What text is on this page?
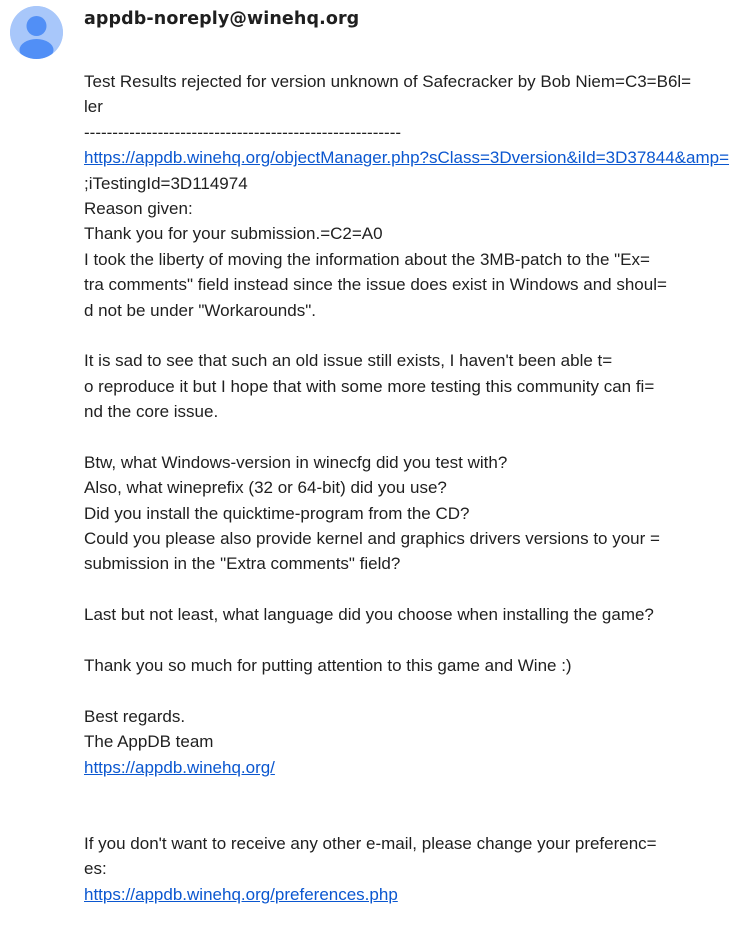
appdb-noreply@winehq.org
Test Results rejected for version unknown of Safecracker by Bob Niem=C3=B6l=
ler
--------------------------------------------------------
https://appdb.winehq.org/objectManager.php?sClass=3Dversion&iId=3D37844&amp=
;iTestingId=3D114974
Reason given:
Thank you for your submission.=C2=A0
I took the liberty of moving the information about the 3MB-patch to the "Ex=
tra comments" field instead since the issue does exist in Windows and shoul=
d not be under "Workarounds".
It is sad to see that such an old issue still exists, I haven't been able t=
o reproduce it but I hope that with some more testing this community can fi=
nd the core issue.
Btw, what Windows-version in winecfg did you test with?
Also, what wineprefix (32 or 64-bit) did you use?
Did you install the quicktime-program from the CD?
Could you please also provide kernel and graphics drivers versions to your =
submission in the "Extra comments" field?
Last but not least, what language did you choose when installing the game?
Thank you so much for putting attention to this game and Wine :)
Best regards.
The AppDB team
https://appdb.winehq.org/
If you don't want to receive any other e-mail, please change your preferenc=
es:
https://appdb.winehq.org/preferences.php
